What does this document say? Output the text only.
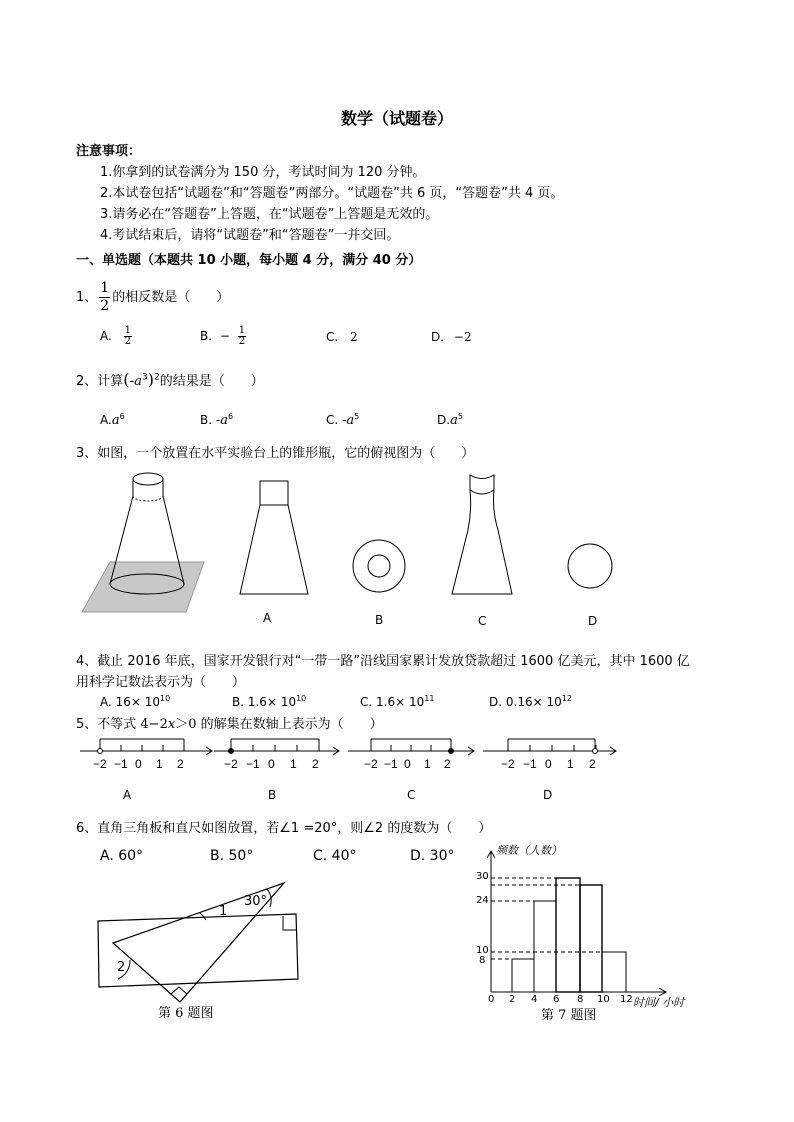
数学（试题卷）
注意事项：
1.你拿到的试卷满分为 150 分，考试时间为 120 分钟。
2.本试卷包括“试题卷”和“答题卷”两部分。“试题卷”共 6 页，“答题卷”共 4 页。
3.请务必在“答题卷”上答题，在“试题卷”上答题是无效的。
4.考试结束后，请将“试题卷”和“答题卷”一并交回。
一、单选题（本题共 10 小题，每小题 4 分，满分 40 分）
1、 $\frac{1}{2}$ 的相反数是（　　）
A. $\frac{1}{2}$	B. − $\frac{1}{2}$	C. 2	D. −2
2、计算$(-a^3)^2$的结果是（　　）
$A.a^6$	B. $-a^6$	C. $-a^5$	$D.a^5$
3、如图，一个放置在水平实验台上的锥形瓶，它的俯视图为（　　）
A	B	C	D
4、截止 2016 年底，国家开发银行对“一带一路”沿线国家累计发放贷款超过 1600 亿美元，其中 1600 亿
用科学记数法表示为（　　）
A. $16\times 10^{10}$	B. $1.6\times 10^{10}$	C. $1.6\times 10^{11}$	D. $0.16\times 10^{12}$
5、不等式 4−2x＞0 的解集在数轴上表示为（　　）
−2 −1 0 1 2
A
−2 −1 0 1 2
B
−2 −1 0 1 2
C
−2 −1 0 1 2
D
6、直角三角板和直尺如图放置，若∠1 =20°，则∠2 的度数为（　　）
A. 60°	B. 50°	C. 40°	D. 30°
30°
1
2
第 6 题图
频数（人数）
时间/ 小时
30
24
10
8
0 2 4 6 8 10 12
第 7 题图
